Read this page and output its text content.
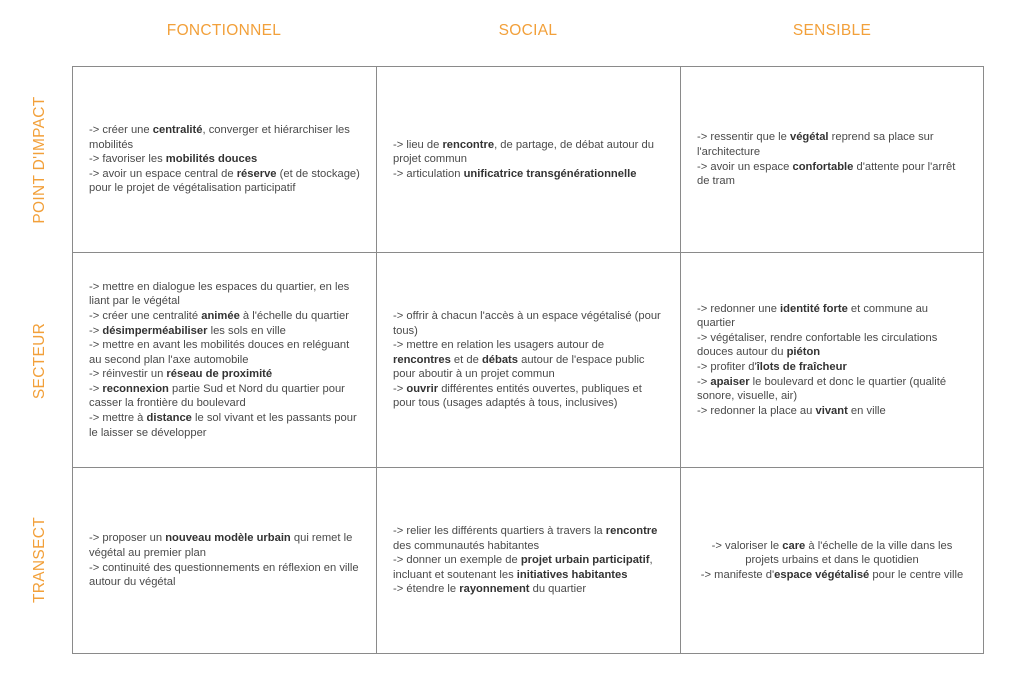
FONCTIONNEL	SOCIAL	SENSIBLE
POINT D'IMPACT
SECTEUR
TRANSECT
-> créer une centralité, converger et hiérarchiser les mobilités
-> favoriser les mobilités douces
-> avoir un espace central de réserve (et de stockage) pour le projet de végétalisation participatif
-> lieu de rencontre, de partage, de débat autour du projet commun
-> articulation unificatrice transgénérationnelle
-> ressentir que le végétal reprend sa place sur l'architecture
-> avoir un espace confortable d'attente pour l'arrêt de tram
-> mettre en dialogue les espaces du quartier, en les liant par le végétal
-> créer une centralité animée à l'échelle du quartier
-> désimperméabiliser les sols en ville
-> mettre en avant les mobilités douces en reléguant au second plan l'axe automobile
-> réinvestir un réseau de proximité
-> reconnexion partie Sud et Nord du quartier pour casser la frontière du boulevard
-> mettre à distance le sol vivant et les passants pour le laisser se développer
-> offrir à chacun l'accès à un espace végétalisé (pour tous)
-> mettre en relation les usagers autour de rencontres et de débats autour de l'espace public pour aboutir à un projet commun
-> ouvrir différentes entités ouvertes, publiques et pour tous (usages adaptés à tous, inclusives)
-> redonner une identité forte et commune au quartier
-> végétaliser, rendre confortable les circulations douces autour du piéton
-> profiter d'îlots de fraîcheur
-> apaiser le boulevard et donc le quartier (qualité sonore, visuelle, air)
-> redonner la place au vivant en ville
-> proposer un nouveau modèle urbain qui remet le végétal au premier plan
-> continuité des questionnements en réflexion en ville autour du végétal
-> relier les différents quartiers à travers la rencontre des communautés habitantes
-> donner un exemple de projet urbain participatif, incluant et soutenant les initiatives habitantes
-> étendre le rayonnement du quartier
-> valoriser le care à l'échelle de la ville dans les projets urbains et dans le quotidien
-> manifeste d'espace végétalisé pour le centre ville
